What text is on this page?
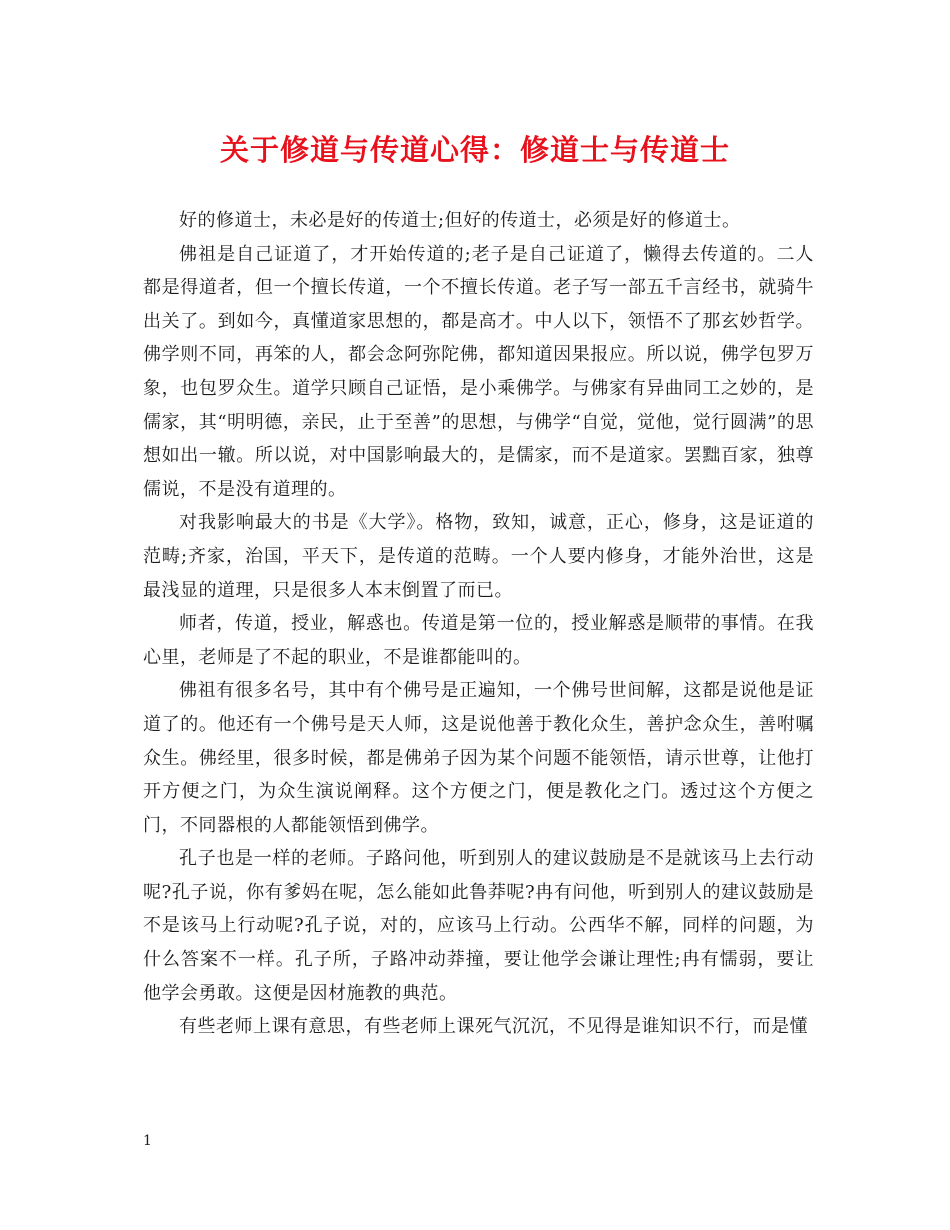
关于修道与传道心得：修道士与传道士

好的修道士，未必是好的传道士;但好的传道士，必须是好的修道士。

佛祖是自己证道了，才开始传道的;老子是自己证道了，懒得去传道的。二人都是得道者，但一个擅长传道，一个不擅长传道。老子写一部五千言经书，就骑牛出关了。到如今，真懂道家思想的，都是高才。中人以下，领悟不了那玄妙哲学。佛学则不同，再笨的人，都会念阿弥陀佛，都知道因果报应。所以说，佛学包罗万象，也包罗众生。道学只顾自己证悟，是小乘佛学。与佛家有异曲同工之妙的，是儒家，其“明明德，亲民，止于至善”的思想，与佛学“自觉，觉他，觉行圆满”的思想如出一辙。所以说，对中国影响最大的，是儒家，而不是道家。罢黜百家，独尊儒说，不是没有道理的。

对我影响最大的书是《大学》。格物，致知，诚意，正心，修身，这是证道的范畴;齐家，治国，平天下，是传道的范畴。一个人要内修身，才能外治世，这是最浅显的道理，只是很多人本末倒置了而已。

师者，传道，授业，解惑也。传道是第一位的，授业解惑是顺带的事情。在我心里，老师是了不起的职业，不是谁都能叫的。

佛祖有很多名号，其中有个佛号是正遍知，一个佛号世间解，这都是说他是证道了的。他还有一个佛号是天人师，这是说他善于教化众生，善护念众生，善咐嘱众生。佛经里，很多时候，都是佛弟子因为某个问题不能领悟，请示世尊，让他打开方便之门，为众生演说阐释。这个方便之门，便是教化之门。透过这个方便之门，不同器根的人都能领悟到佛学。

孔子也是一样的老师。子路问他，听到别人的建议鼓励是不是就该马上去行动呢?孔子说，你有爹妈在呢，怎么能如此鲁莽呢?冉有问他，听到别人的建议鼓励是不是该马上行动呢?孔子说，对的，应该马上行动。公西华不解，同样的问题，为什么答案不一样。孔子所，子路冲动莽撞，要让他学会谦让理性;冉有懦弱，要让他学会勇敢。这便是因材施教的典范。

有些老师上课有意思，有些老师上课死气沉沉，不见得是谁知识不行，而是懂

1
